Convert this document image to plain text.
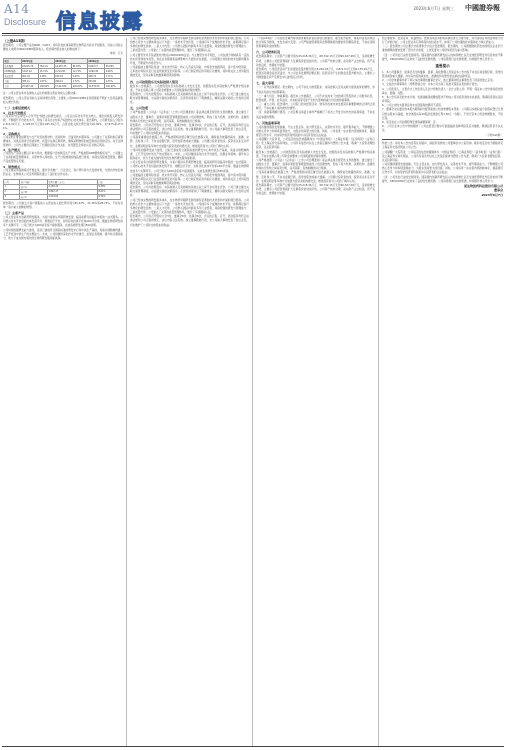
A14
Disclosure 信息披露
2023年6月7日 星期三 中國證券報
（上接A13版）
报告期内，公司主要产品为BOB、CAR-T、双特异性抗体等新型生物药品与技术平台服务，目前公司的主要收入来源为CRO/CDMO服务收入，报告期内营业收入的构成如下：
单位：万元
项目	2022年度		2021年度		2020年度	
技术服务	18,025.76	78.41%	14,267.35	81.93%	9,842.17	85.06%
CDMO服务	3,617.42	15.74%	2,214.56	12.72%	1,096.38	9.48%
药品销售	961.03	4.18%	632.81	3.63%	428.74	3.71%
其他	383.21	1.67%	299.14	1.72%	203.66	1.75%
合计	22,987.42	100.00%	17,413.86	100.00%	11,570.95	100.00%
注：公司主营业务中各类收入占比均按照主营业务收入总额计算。
报告期内，公司主营业务收入呈持续增长趋势，主要系公司CRO/CDMO业务规模的不断扩大及药品销售收入增长所致。
（二）主要经营模式
1、技术开发模式
公司采用"自主研发+合作开发"相结合的研发模式。公司以自有技术平台为核心，通过持续投入研发资源，不断提升平台技术水平，形成了具有自主知识产权的核心技术体系。报告期内，公司研发投入分别为2,314.52万元、3,128.67万元和4,025.19万元，占营业收入的比例分别为20.00%、17.97%和17.51%。
2、采购模式
公司采购主要包括研发与生产所需的原材料、试剂耗材、设备及技术服务等。公司建立了完善的供应商管理体系，对供应商进行资质审核、质量评估和定期考核，确保采购物资的质量和供应的稳定性。对于关键原材料，公司与主要供应商建立了长期稳定的合作关系，并设置安全库存以应对供应风险。
3、生产模式
公司的生产活动主要以订单为导向，根据客户需求制定生产计划，严格按照GMP要求组织生产。公司建立了完善的质量管理体系，从原材料入库检验、生产过程控制到成品放行检验，实现全流程质量管控，确保产品质量稳定可靠。
4、销售模式
公司主要采用直销模式开展业务，通过学术推广、行业会议、客户拜访等方式拓展市场，与国内外知名制药企业、生物技术公司及科研院所建立了良好的合作关系。
序号	客户名称	销售金额（万元）	占比
1	客户A	2,156.34	9.38%
2	客户B	1,842.17	8.01%
3	客户C	1,503.62	6.54%
报告期内，公司前五大客户销售收入占营业收入的比例分别为35.42%、31.26%和28.73%，不存在对单一客户重大依赖的情形。
（三）主要产品
公司主营业务为创新药研发服务，为客户提供从早期药物发现、临床前研究到临床申报的一站式服务。公司核心技术平台包括抗体发现平台、细胞治疗平台、双特异性抗体平台和ADC平台等，覆盖生物药研发的多个关键环节。公司已累计为200余家客户提供服务，完成各类研发项目500余项。
公司持续加强研发能力建设，目前已建成符合国际标准的研发中心和中试生产基地，具备从细胞株构建、工艺开发到中试生产的完整能力。未来，公司将继续深化技术平台建设，拓展业务领域，提升综合服务能力，致力于成为国内领先的生物药研发服务提供商。
公司已形成完整的研发服务体系，在生物药早期研发阶段拥有显著的技术优势和丰富的项目经验。公司的核心竞争力主要体现在以下方面：一是技术平台优势，公司拥有多个成熟的技术平台，能够满足客户多样化的研发需求；二是人才优势，公司核心团队均拥有多年行业经验，具备较强的研发与管理能力；三是质量优势，公司建立了完善的质量管理体系，通过了多项国际认证。
公司主要竞争对手包括国内外知名CRO/CDMO企业。与主要竞争对手相比，公司在细分领域具有一定的技术优势和成本优势，但在业务规模和品牌影响力方面仍存在差距。公司将通过持续的技术创新和服务升级，不断提升市场竞争力。
公司面临的主要风险包括：技术迭代风险、核心人员流失风险、市场竞争加剧风险、客户集中度风险、汇率波动风险以及行业监管政策变化风险等。公司已制定相应的风险应对措施，将持续关注上述风险因素的变化，及时采取有效措施降低风险影响。
四、公司控股股东及实际控制人情况
截至本公告披露日，公司控股股东及实际控制人未发生变化。控股股东及实际控制人严格遵守相关承诺，不存在违规占用公司资金或要求公司违规提供担保的情形。
报告期内，公司与控股股东、实际控制人及其控制的其他企业之间不存在同业竞争。公司已建立健全关联交易管理制度，对关联交易的决策程序、定价原则等进行了明确规定，确保关联交易的公允性和合规性。
五、公司治理
公司严格按照《公司法》《证券法》《上市公司治理准则》等法律法规及规范性文件的要求，建立健全了由股东大会、董事会、监事会和经营管理层组成的公司治理结构，形成了权力机构、决策机构、监督机构和执行机构之间权责分明、各司其职、有效制衡的运行机制。
报告期内，公司共召开股东大会3次、董事会8次、监事会6次，会议的召集、召开、表决程序均符合法律法规和公司章程的规定，决议内容合法有效。独立董事勤勉尽责，对公司重大事项发表了独立意见，切实维护了公司和全体股东的利益。
公司高度重视信息披露工作，严格按照相关规定履行信息披露义务，确保信息披露的真实、准确、完整、及时和公平，不存在虚假记载、误导性陈述或重大遗漏。公司通过投资者热线、投资者关系互动平台、业绩说明会等多种方式加强与投资者的沟通交流，增进投资者对公司的了解与认同。
公司持续加强研发能力建设，目前已建成符合国际标准的研发中心和中试生产基地，具备从细胞株构建、工艺开发到中试生产的完整能力。未来，公司将继续深化技术平台建设，拓展业务领域，提升综合服务能力，致力于成为国内领先的生物药研发服务提供商。
公司主营业务为创新药研发服务，为客户提供从早期药物发现、临床前研究到临床申报的一站式服务。公司核心技术平台包括抗体发现平台、细胞治疗平台、双特异性抗体平台和ADC平台等，覆盖生物药研发的多个关键环节。公司已累计为200余家客户提供服务，完成各类研发项目500余项。
公司面临的主要风险包括：技术迭代风险、核心人员流失风险、市场竞争加剧风险、客户集中度风险、汇率波动风险以及行业监管政策变化风险等。公司已制定相应的风险应对措施，将持续关注上述风险因素的变化，及时采取有效措施降低风险影响。
报告期内，公司与控股股东、实际控制人及其控制的其他企业之间不存在同业竞争。公司已建立健全关联交易管理制度，对关联交易的决策程序、定价原则等进行了明确规定，确保关联交易的公允性和合规性。
公司已形成完整的研发服务体系，在生物药早期研发阶段拥有显著的技术优势和丰富的项目经验。公司的核心竞争力主要体现在以下方面：一是技术平台优势，公司拥有多个成熟的技术平台，能够满足客户多样化的研发需求；二是人才优势，公司核心团队均拥有多年行业经验，具备较强的研发与管理能力；三是质量优势，公司建立了完善的质量管理体系，通过了多项国际认证。
报告期内，公司共召开股东大会3次、董事会8次、监事会6次，会议的召集、召开、表决程序均符合法律法规和公司章程的规定，决议内容合法有效。独立董事勤勉尽责，对公司重大事项发表了独立意见，切实维护了公司和全体股东的利益。
（下接A15版）公司在报告期内持续推进募集资金投资项目的建设。截至报告期末，募集资金投资项目按计划有序推进，未发生重大变更。公司严格按照募集资金管理制度的要求使用募集资金，不存在违规使用募集资金的情形。
六、公司财务状况
报告期各期末，公司资产总额分别为45,218.36万元、68,742.15万元和96,327.48万元，呈持续增长趋势，主要系公司经营规模扩大及募集资金到位所致。公司资产结构合理，流动资产占比较高，资产流动性良好，偿债能力较强。
报告期内，公司经营活动产生的现金流量净额分别为3,264.18万元、4,871.53万元和6,135.92万元，经营活动现金流状况良好，与公司业务发展情况相匹配。投资活动产生的现金流量净额为负，主要系公司购建固定资产及研发中心建设投入所致。
七、重大事项
（一）对外担保情况。报告期内，公司不存在为控股股东、实际控制人及其关联方提供担保的情形，亦不存在其他对外担保事项。
（二）重大诉讼、仲裁事项。截至本公告披露日，公司不存在尚未了结的或可预见的对公司财务状况、经营成果、声誉、业务活动、未来前景等可能产生较大影响的重大诉讼或仲裁事项。
（三）重大合同。报告期内，公司签订的对经营活动、财务状况或未来发展具有重要影响的合同均正常履行，不存在重大违约或纠纷情形。
（四）承诺事项履行情况。公司及相关承诺主体均严格履行了首次公开发行时作出的各项承诺，不存在违反承诺的情形。
八、其他重要事项
公司将继续围绕发展战略，专注主营业务，加大研发投入，完善技术平台，提升服务能力，不断增强公司核心竞争力和持续盈利能力，为股东创造更大的价值。同时，公司将进一步完善内部控制体系，提高规范运作水平，切实保护投资者特别是中小投资者的合法权益。
公司提醒广大投资者，公司指定的信息披露媒体为《中国证券报》《上海证券报》《证券时报》《证券日报》及上海证券交易所网站，公司所有信息均以在上述指定媒体刊登的公告为准，敬请广大投资者理性投资，注意投资风险。
截至本公告披露日，公司控股股东及实际控制人未发生变化。控股股东及实际控制人严格遵守相关承诺，不存在违规占用公司资金或要求公司违规提供担保的情形。
公司严格按照《公司法》《证券法》《上市公司治理准则》等法律法规及规范性文件的要求，建立健全了由股东大会、董事会、监事会和经营管理层组成的公司治理结构，形成了权力机构、决策机构、监督机构和执行机构之间权责分明、各司其职、有效制衡的运行机制。
公司高度重视信息披露工作，严格按照相关规定履行信息披露义务，确保信息披露的真实、准确、完整、及时和公平，不存在虚假记载、误导性陈述或重大遗漏。公司通过投资者热线、投资者关系互动平台、业绩说明会等多种方式加强与投资者的沟通交流，增进投资者对公司的了解与认同。
报告期各期末，公司资产总额分别为45,218.36万元、68,742.15万元和96,327.48万元，呈持续增长趋势，主要系公司经营规模扩大及募集资金到位所致。公司资产结构合理，流动资产占比较高，资产流动性良好，偿债能力较强。
的主要成本、经营业务、收益情况。按照各项业务的实际情况进行合理分配，并对各项业务的盈利能力进行了详细分析。公司主营业务毛利率保持在较高水平，体现了公司较强的技术服务能力和议价能力。
（三）报告期内公司主要会计政策和会计估计变更情况。报告期内，公司根据财政部发布的相关企业会计准则解释的要求变更了部分会计政策，上述变更对公司财务报表无重大影响。
（四）公司所处行业的发展趋势。随着国内创新药研发投入的持续增长以及全球医药研发外包需求的不断提升，CRO/CDMO行业迎来了良好的发展机遇。公司将紧抓行业发展机遇，持续提升核心竞争力。
重要提示
1、本公司董事会、监事会及全体董事、监事、高级管理人员保证本公告内容不存在任何虚假记载、误导性陈述或者重大遗漏，并对其内容的真实性、准确性和完整性依法承担法律责任。
2、公司全体董事出席了审议本次事项的董事会会议，独立董事对相关事项发表了同意的独立意见。
3、立信会计师事务所（特殊普通合伙）为本公司出具了标准无保留意见的审计报告。
4、公司负责人、主管会计工作负责人及会计机构负责人（会计主管人员）声明：保证本公告中财务报告的真实、准确、完整。
5、本公告所涉及的未来计划、发展战略等前瞻性陈述不构成公司对投资者的实质承诺，敬请投资者注意投资风险。
6、公司上市时未盈利且尚未实现盈利的情况不适用。
7、董事会决议通过的本报告期利润分配预案或公积金转增股本预案：公司拟以实施权益分派股权登记日登记的总股本为基数，向全体股东每10股派发现金红利1.50元（含税），不进行资本公积金转增股本，不送红股。
8、是否存在公司治理特殊安排等重要事项：否。
9、公司已在本公告中详细阐述了公司在经营过程中可能面临的各种风险及应对措施，敬请投资者予以关注。
（下转A15版）
特此公告。如对本公告内容有任何疑问，请投资者致电公司董事会办公室咨询。联系电话及电子邮箱详见上海证券交易所网站公司公告。
公司提醒广大投资者，公司指定的信息披露媒体为《中国证券报》《上海证券报》《证券时报》《证券日报》及上海证券交易所网站，公司所有信息均以在上述指定媒体刊登的公告为准，敬请广大投资者理性投资，注意投资风险。
公司将继续围绕发展战略，专注主营业务，加大研发投入，完善技术平台，提升服务能力，不断增强公司核心竞争力和持续盈利能力，为股东创造更大的价值。同时，公司将进一步完善内部控制体系，提高规范运作水平，切实保护投资者特别是中小投资者的合法权益。
（四）公司所处行业的发展趋势。随着国内创新药研发投入的持续增长以及全球医药研发外包需求的不断提升，CRO/CDMO行业迎来了良好的发展机遇。公司将紧抓行业发展机遇，持续提升核心竞争力。
某生物医药科技股份有限公司
董事会
2023年6月7日
